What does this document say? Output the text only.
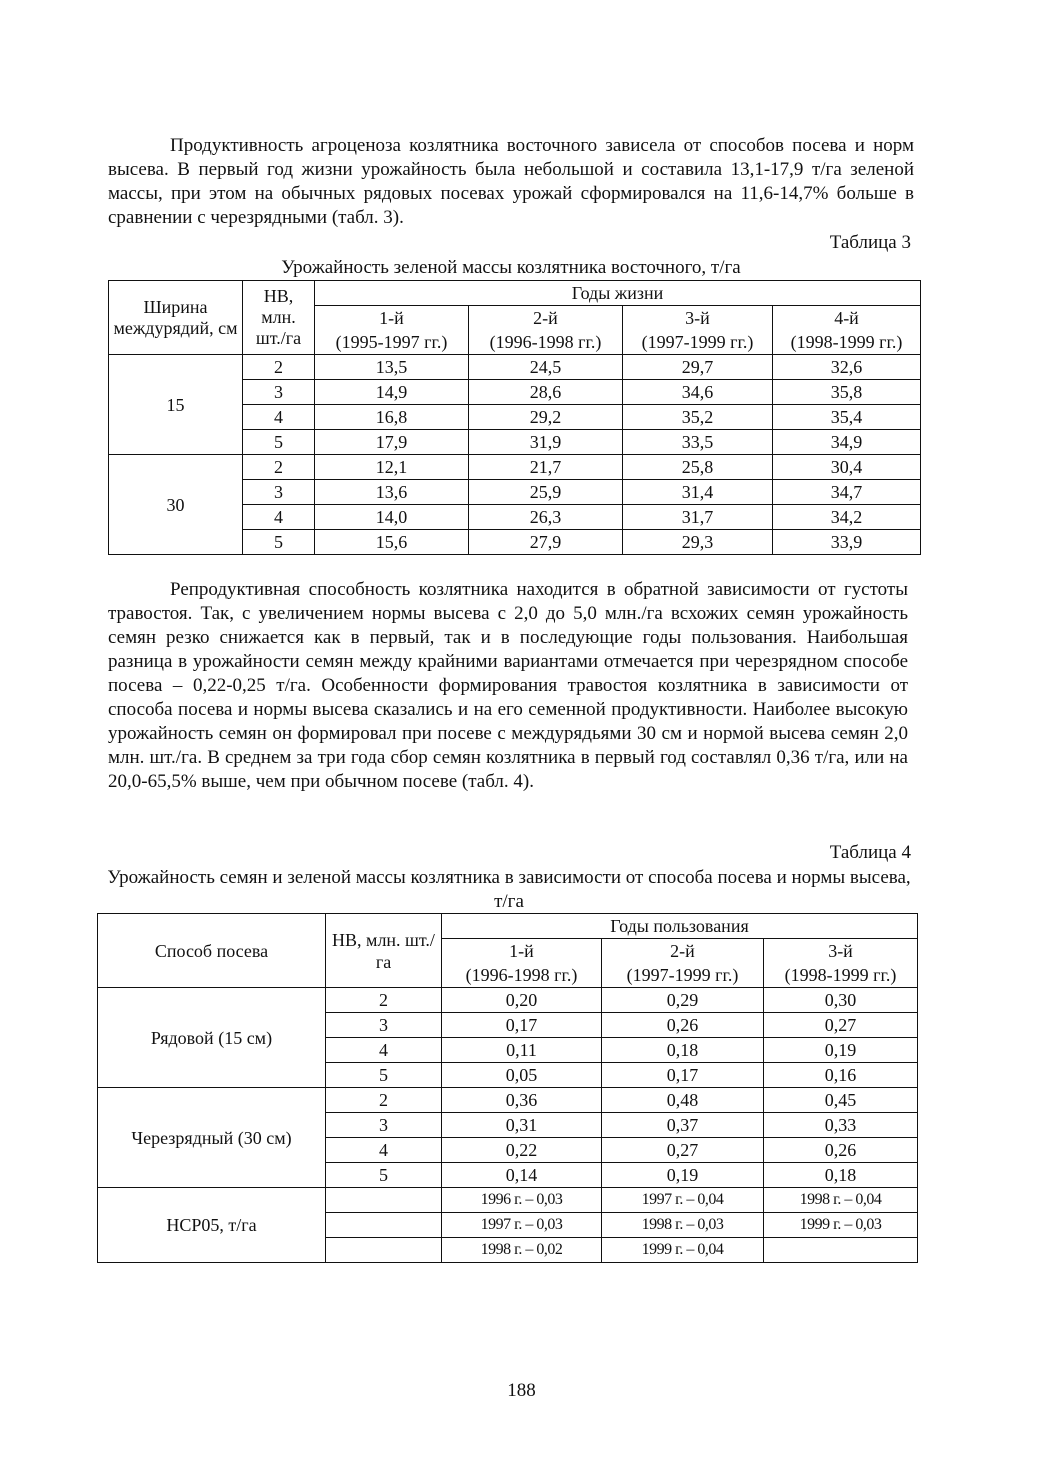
Продуктивность агроценоза козлятника восточного зависела от способов посева и норм высева. В первый год жизни урожайность была небольшой и составила 13,1-17,9 т/га зеленой массы, при этом на обычных рядовых посевах урожай сформировался на 11,6-14,7% больше в сравнении с черезрядными (табл. 3).

Таблица 3

Урожайность зеленой массы козлятника восточного, т/га

Ширина междурядий, см	НВ, млн. шт./га	Годы жизни			
		1-й	2-й	3-й	4-й
		(1995-1997 гг.)	(1996-1998 гг.)	(1997-1999 гг.)	(1998-1999 гг.)
15	2	13,5	24,5	29,7	32,6
	3	14,9	28,6	34,6	35,8
	4	16,8	29,2	35,2	35,4
	5	17,9	31,9	33,5	34,9
30	2	12,1	21,7	25,8	30,4
	3	13,6	25,9	31,4	34,7
	4	14,0	26,3	31,7	34,2
	5	15,6	27,9	29,3	33,9

Репродуктивная способность козлятника находится в обратной зависимости от густоты травостоя. Так, с увеличением нормы высева с 2,0 до 5,0 млн./га всхожих семян урожайность семян резко снижается как в первый, так и в последующие годы пользования. Наибольшая разница в урожайности семян между крайними вариантами отмечается при черезрядном способе посева – 0,22-0,25 т/га. Особенности формирования травостоя козлятника в зависимости от способа посева и нормы высева сказались и на его семенной продуктивности. Наиболее высокую урожайность семян он формировал при посеве с междурядьями 30 см и нормой высева семян 2,0 млн. шт./га. В среднем за три года сбор семян козлятника в первый год составлял 0,36 т/га, или на 20,0-65,5% выше, чем при обычном посеве (табл. 4).

Таблица 4

Урожайность семян и зеленой массы козлятника в зависимости от способа посева и нормы высева, т/га

Способ посева	НВ, млн. шт./га	Годы пользования		
		1-й	2-й	3-й
		(1996-1998 гг.)	(1997-1999 гг.)	(1998-1999 гг.)
Рядовой (15 см)	2	0,20	0,29	0,30
	3	0,17	0,26	0,27
	4	0,11	0,18	0,19
	5	0,05	0,17	0,16
Черезрядный (30 см)	2	0,36	0,48	0,45
	3	0,31	0,37	0,33
	4	0,22	0,27	0,26
	5	0,14	0,19	0,18
НСР05, т/га		1996 г. – 0,03	1997 г. – 0,04	1998 г. – 0,04
		1997 г. – 0,03	1998 г. – 0,03	1999 г. – 0,03
		1998 г. – 0,02	1999 г. – 0,04	
188
